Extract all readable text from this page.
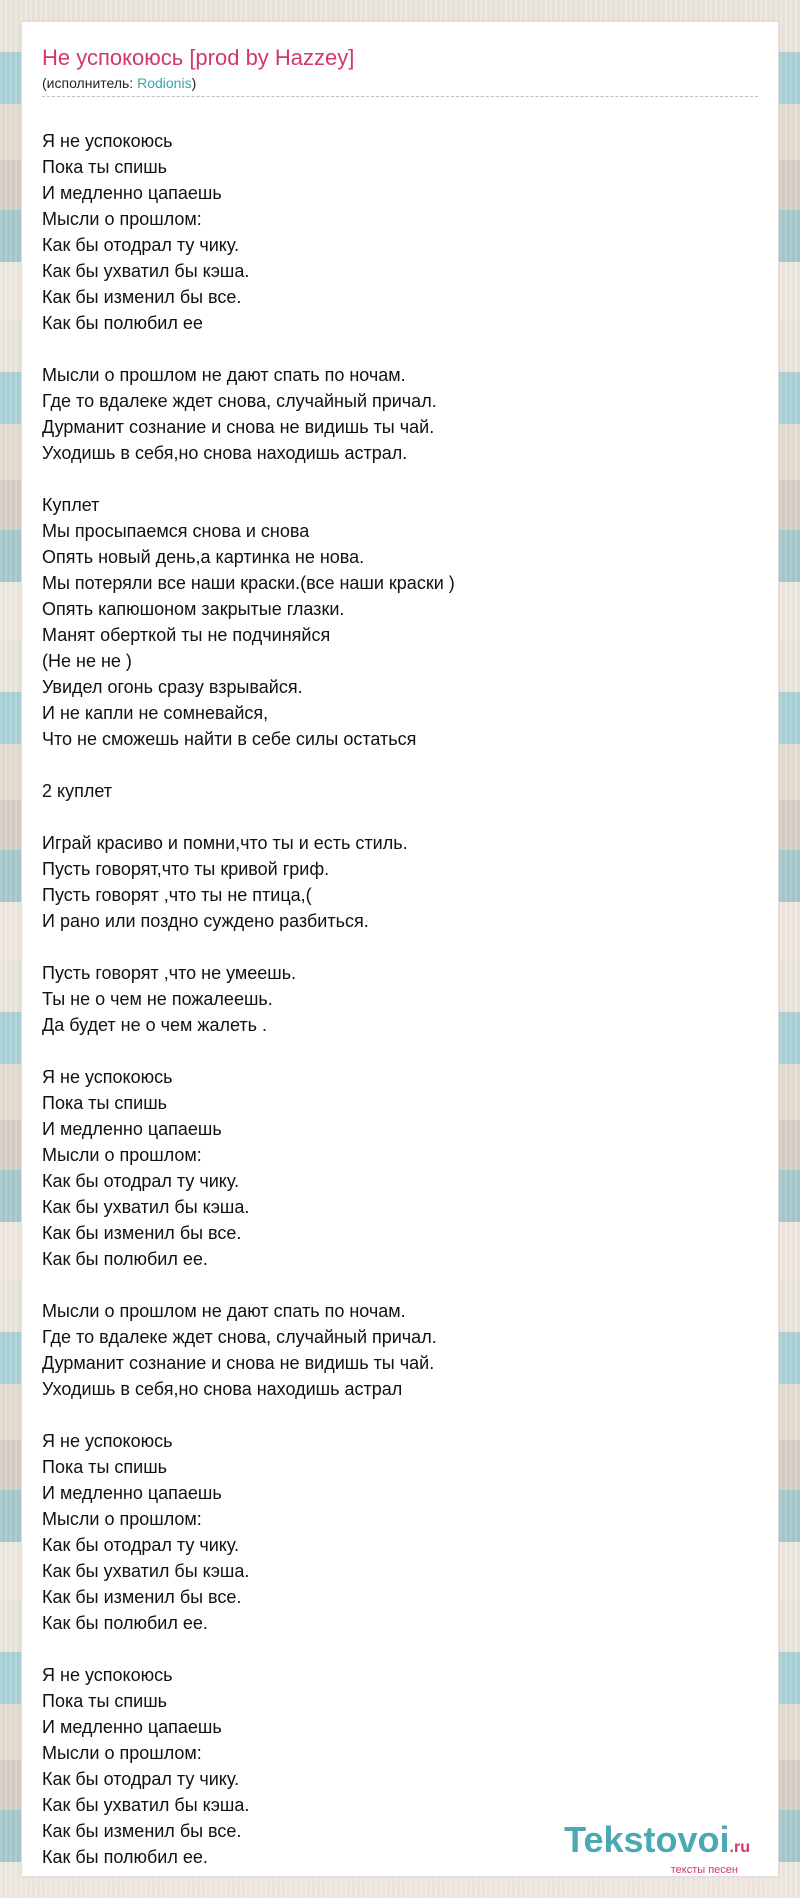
Не успокоюсь [prod by Hazzey]
(исполнитель: Rodionis)
Я не успокоюсь
Пока ты спишь
И медленно цапаешь
Мысли о прошлом:
Как бы отодрал ту чику.
Как бы ухватил бы кэша.
Как бы изменил бы все.
Как бы полюбил ее
Мысли о прошлом не дают спать по ночам.
Где то вдалеке ждет снова, случайный причал.
Дурманит сознание и снова не видишь ты чай.
Уходишь в себя,но снова находишь астрал.
Куплет
Мы просыпаемся снова и снова
Опять новый день,а картинка не нова.
Мы потеряли все наши краски.(все наши краски )
Опять капюшоном закрытые глазки.
Манят оберткой ты не подчиняйся
(Не не не )
Увидел огонь сразу взрывайся.
И не капли не сомневайся,
Что не сможешь найти в себе силы остаться
2 куплет
Играй красиво и помни,что ты и есть стиль.
Пусть говорят,что ты кривой гриф.
Пусть говорят ,что ты не птица,(
И рано или поздно суждено разбиться.
Пусть говорят ,что не умеешь.
Ты не о чем не пожалеешь.
Да будет не о чем жалеть .
Я не успокоюсь
Пока ты спишь
И медленно цапаешь
Мысли о прошлом:
Как бы отодрал ту чику.
Как бы ухватил бы кэша.
Как бы изменил бы все.
Как бы полюбил ее.
Мысли о прошлом не дают спать по ночам.
Где то вдалеке ждет снова, случайный причал.
Дурманит сознание и снова не видишь ты чай.
Уходишь в себя,но снова находишь астрал
Я не успокоюсь
Пока ты спишь
И медленно цапаешь
Мысли о прошлом:
Как бы отодрал ту чику.
Как бы ухватил бы кэша.
Как бы изменил бы все.
Как бы полюбил ее.
Я не успокоюсь
Пока ты спишь
И медленно цапаешь
Мысли о прошлом:
Как бы отодрал ту чику.
Как бы ухватил бы кэша.
Как бы изменил бы все.
Как бы полюбил ее.	Tekstovoi.ru
тексты песен
